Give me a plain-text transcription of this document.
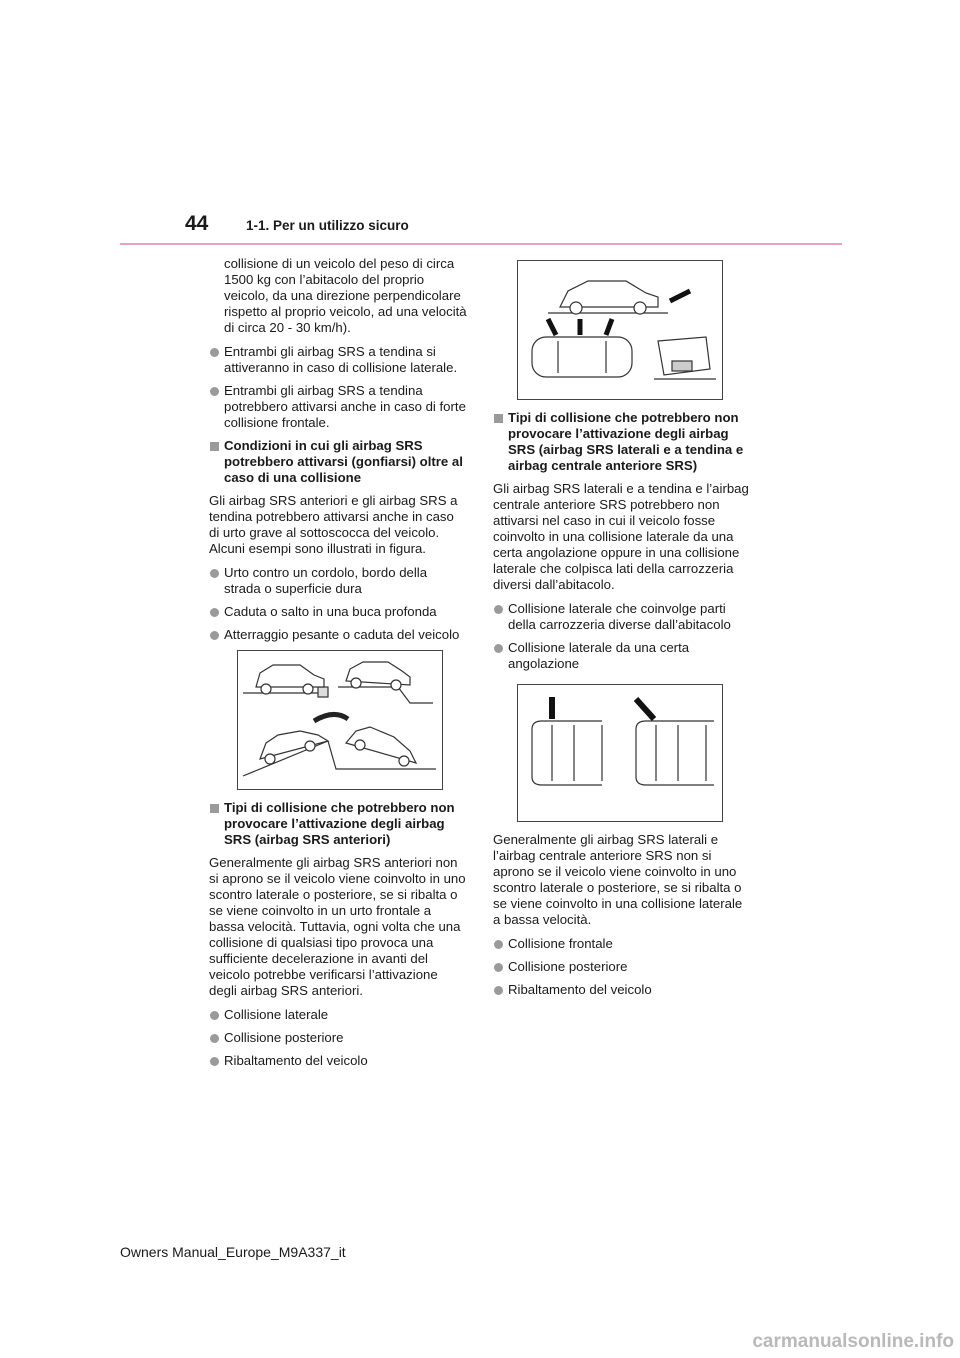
44	1-1. Per un utilizzo sicuro

collisione di un veicolo del peso di circa 1500 kg con l’abitacolo del proprio veicolo, da una direzione perpendicolare rispetto al proprio veicolo, ad una velocità di circa 20 - 30 km/h).

Entrambi gli airbag SRS a tendina si attiveranno in caso di collisione laterale.

Entrambi gli airbag SRS a tendina potrebbero attivarsi anche in caso di forte collisione frontale.

Condizioni in cui gli airbag SRS potrebbero attivarsi (gonfiarsi) oltre al caso di una collisione

Gli airbag SRS anteriori e gli airbag SRS a tendina potrebbero attivarsi anche in caso di urto grave al sottoscocca del veicolo. Alcuni esempi sono illustrati in figura.

Urto contro un cordolo, bordo della strada o superficie dura

Caduta o salto in una buca profonda

Atterraggio pesante o caduta del veicolo

Tipi di collisione che potrebbero non provocare l’attivazione degli airbag SRS (airbag SRS anteriori)

Generalmente gli airbag SRS anteriori non si aprono se il veicolo viene coinvolto in uno scontro laterale o posteriore, se si ribalta o se viene coinvolto in un urto frontale a bassa velocità. Tuttavia, ogni volta che una collisione di qualsiasi tipo provoca una sufficiente decelerazione in avanti del veicolo potrebbe verificarsi l’attivazione degli airbag SRS anteriori.

Collisione laterale

Collisione posteriore

Ribaltamento del veicolo

Tipi di collisione che potrebbero non provocare l’attivazione degli airbag SRS (airbag SRS laterali e a tendina e airbag centrale anteriore SRS)

Gli airbag SRS laterali e a tendina e l’airbag centrale anteriore SRS potrebbero non attivarsi nel caso in cui il veicolo fosse coinvolto in una collisione laterale da una certa angolazione oppure in una collisione laterale che colpisca lati della carrozzeria diversi dall’abitacolo.

Collisione laterale che coinvolge parti della carrozzeria diverse dall’abitacolo

Collisione laterale da una certa angolazione

Generalmente gli airbag SRS laterali e l’airbag centrale anteriore SRS non si aprono se il veicolo viene coinvolto in uno scontro laterale o posteriore, se si ribalta o se viene coinvolto in una collisione laterale a bassa velocità.

Collisione frontale

Collisione posteriore

Ribaltamento del veicolo

Owners Manual_Europe_M9A337_it
carmanualsonline.info
